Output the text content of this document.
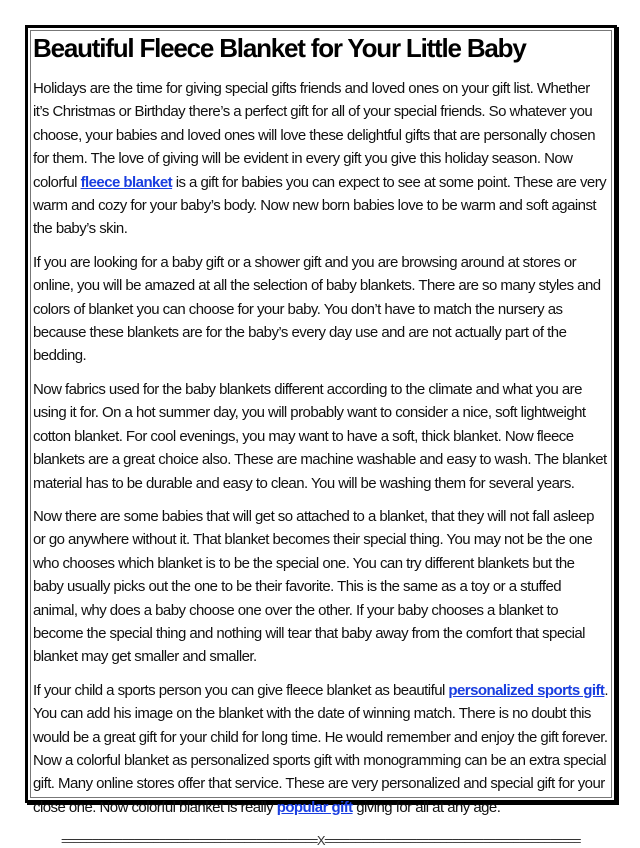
Beautiful Fleece Blanket for Your Little Baby

Holidays are the time for giving special gifts friends and loved ones on your gift list. Whether it’s Christmas or Birthday there’s a perfect gift for all of your special friends. So whatever you choose, your babies and loved ones will love these delightful gifts that are personally chosen for them. The love of giving will be evident in every gift you give this holiday season. Now colorful fleece blanket is a gift for babies you can expect to see at some point. These are very warm and cozy for your baby’s body. Now new born babies love to be warm and soft against the baby’s skin.

If you are looking for a baby gift or a shower gift and you are browsing around at stores or online, you will be amazed at all the selection of baby blankets. There are so many styles and colors of blanket you can choose for your baby. You don’t have to match the nursery as because these blankets are for the baby’s every day use and are not actually part of the bedding.

Now fabrics used for the baby blankets different according to the climate and what you are using it for. On a hot summer day, you will probably want to consider a nice, soft lightweight cotton blanket. For cool evenings, you may want to have a soft, thick blanket. Now fleece blankets are a great choice also. These are machine washable and easy to wash. The blanket material has to be durable and easy to clean. You will be washing them for several years.

Now there are some babies that will get so attached to a blanket, that they will not fall asleep or go anywhere without it. That blanket becomes their special thing. You may not be the one who chooses which blanket is to be the special one. You can try different blankets but the baby usually picks out the one to be their favorite. This is the same as a toy or a stuffed animal, why does a baby choose one over the other. If your baby chooses a blanket to become the special thing and nothing will tear that baby away from the comfort that special blanket may get smaller and smaller.

If your child a sports person you can give fleece blanket as beautiful personalized sports gift. You can add his image on the blanket with the date of winning match. There is no doubt this would be a great gift for your child for long time. He would remember and enjoy the gift forever. Now a colorful blanket as personalized sports gift with monogramming can be an extra special gift. Many online stores offer that service. These are very personalized and special gift for your close one. Now colorful blanket is really popular gift giving for all at any age.

==========================================X==========================================
